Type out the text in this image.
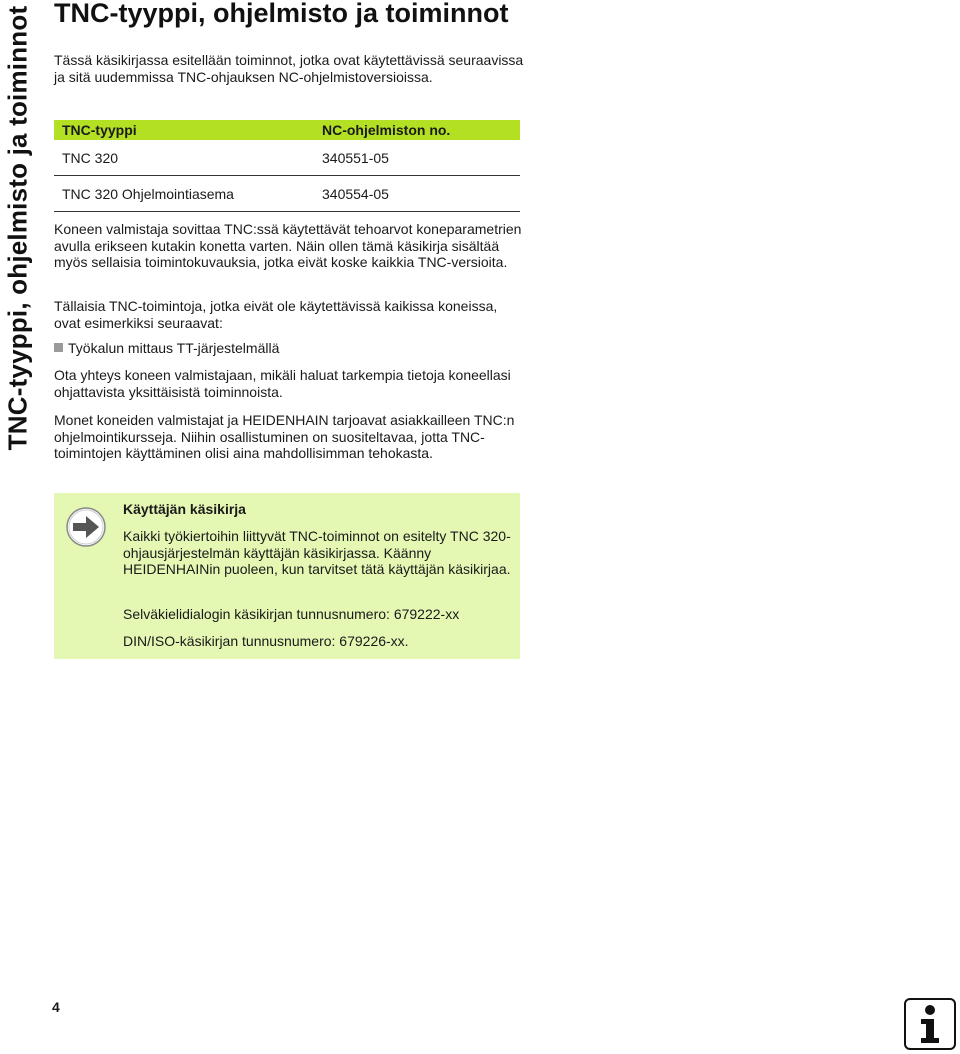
TNC-tyyppi, ohjelmisto ja toiminnot TNC-tyyppi, ohjelmisto ja toiminnot

Tässä käsikirjassa esitellään toiminnot, jotka ovat käytettävissä seuraavissa ja sitä uudemmissa TNC-ohjauksen NC-ohjelmistoversioissa.

TNC-tyyppi	NC-ohjelmiston no.
TNC 320	340551-05
TNC 320 Ohjelmointiasema	340554-05

Koneen valmistaja sovittaa TNC:ssä käytettävät tehoarvot koneparametrien avulla erikseen kutakin konetta varten. Näin ollen tämä käsikirja sisältää myös sellaisia toimintokuvauksia, jotka eivät koske kaikkia TNC-versioita.

Tällaisia TNC-toimintoja, jotka eivät ole käytettävissä kaikissa koneissa, ovat esimerkiksi seuraavat:

Työkalun mittaus TT-järjestelmällä

Ota yhteys koneen valmistajaan, mikäli haluat tarkempia tietoja koneellasi ohjattavista yksittäisistä toiminnoista.

Monet koneiden valmistajat ja HEIDENHAIN tarjoavat asiakkailleen TNC:n ohjelmointikursseja. Niihin osallistuminen on suositeltavaa, jotta TNC-toimintojen käyttäminen olisi aina mahdollisimman tehokasta.

Käyttäjän käsikirja

Kaikki työkiertoihin liittyvät TNC-toiminnot on esitelty TNC 320-ohjausjärjestelmän käyttäjän käsikirjassa. Käänny HEIDENHAINin puoleen, kun tarvitset tätä käyttäjän käsikirjaa.

Selväkielidialogin käsikirjan tunnusnumero: 679222-xx

DIN/ISO-käsikirjan tunnusnumero: 679226-xx.

4
